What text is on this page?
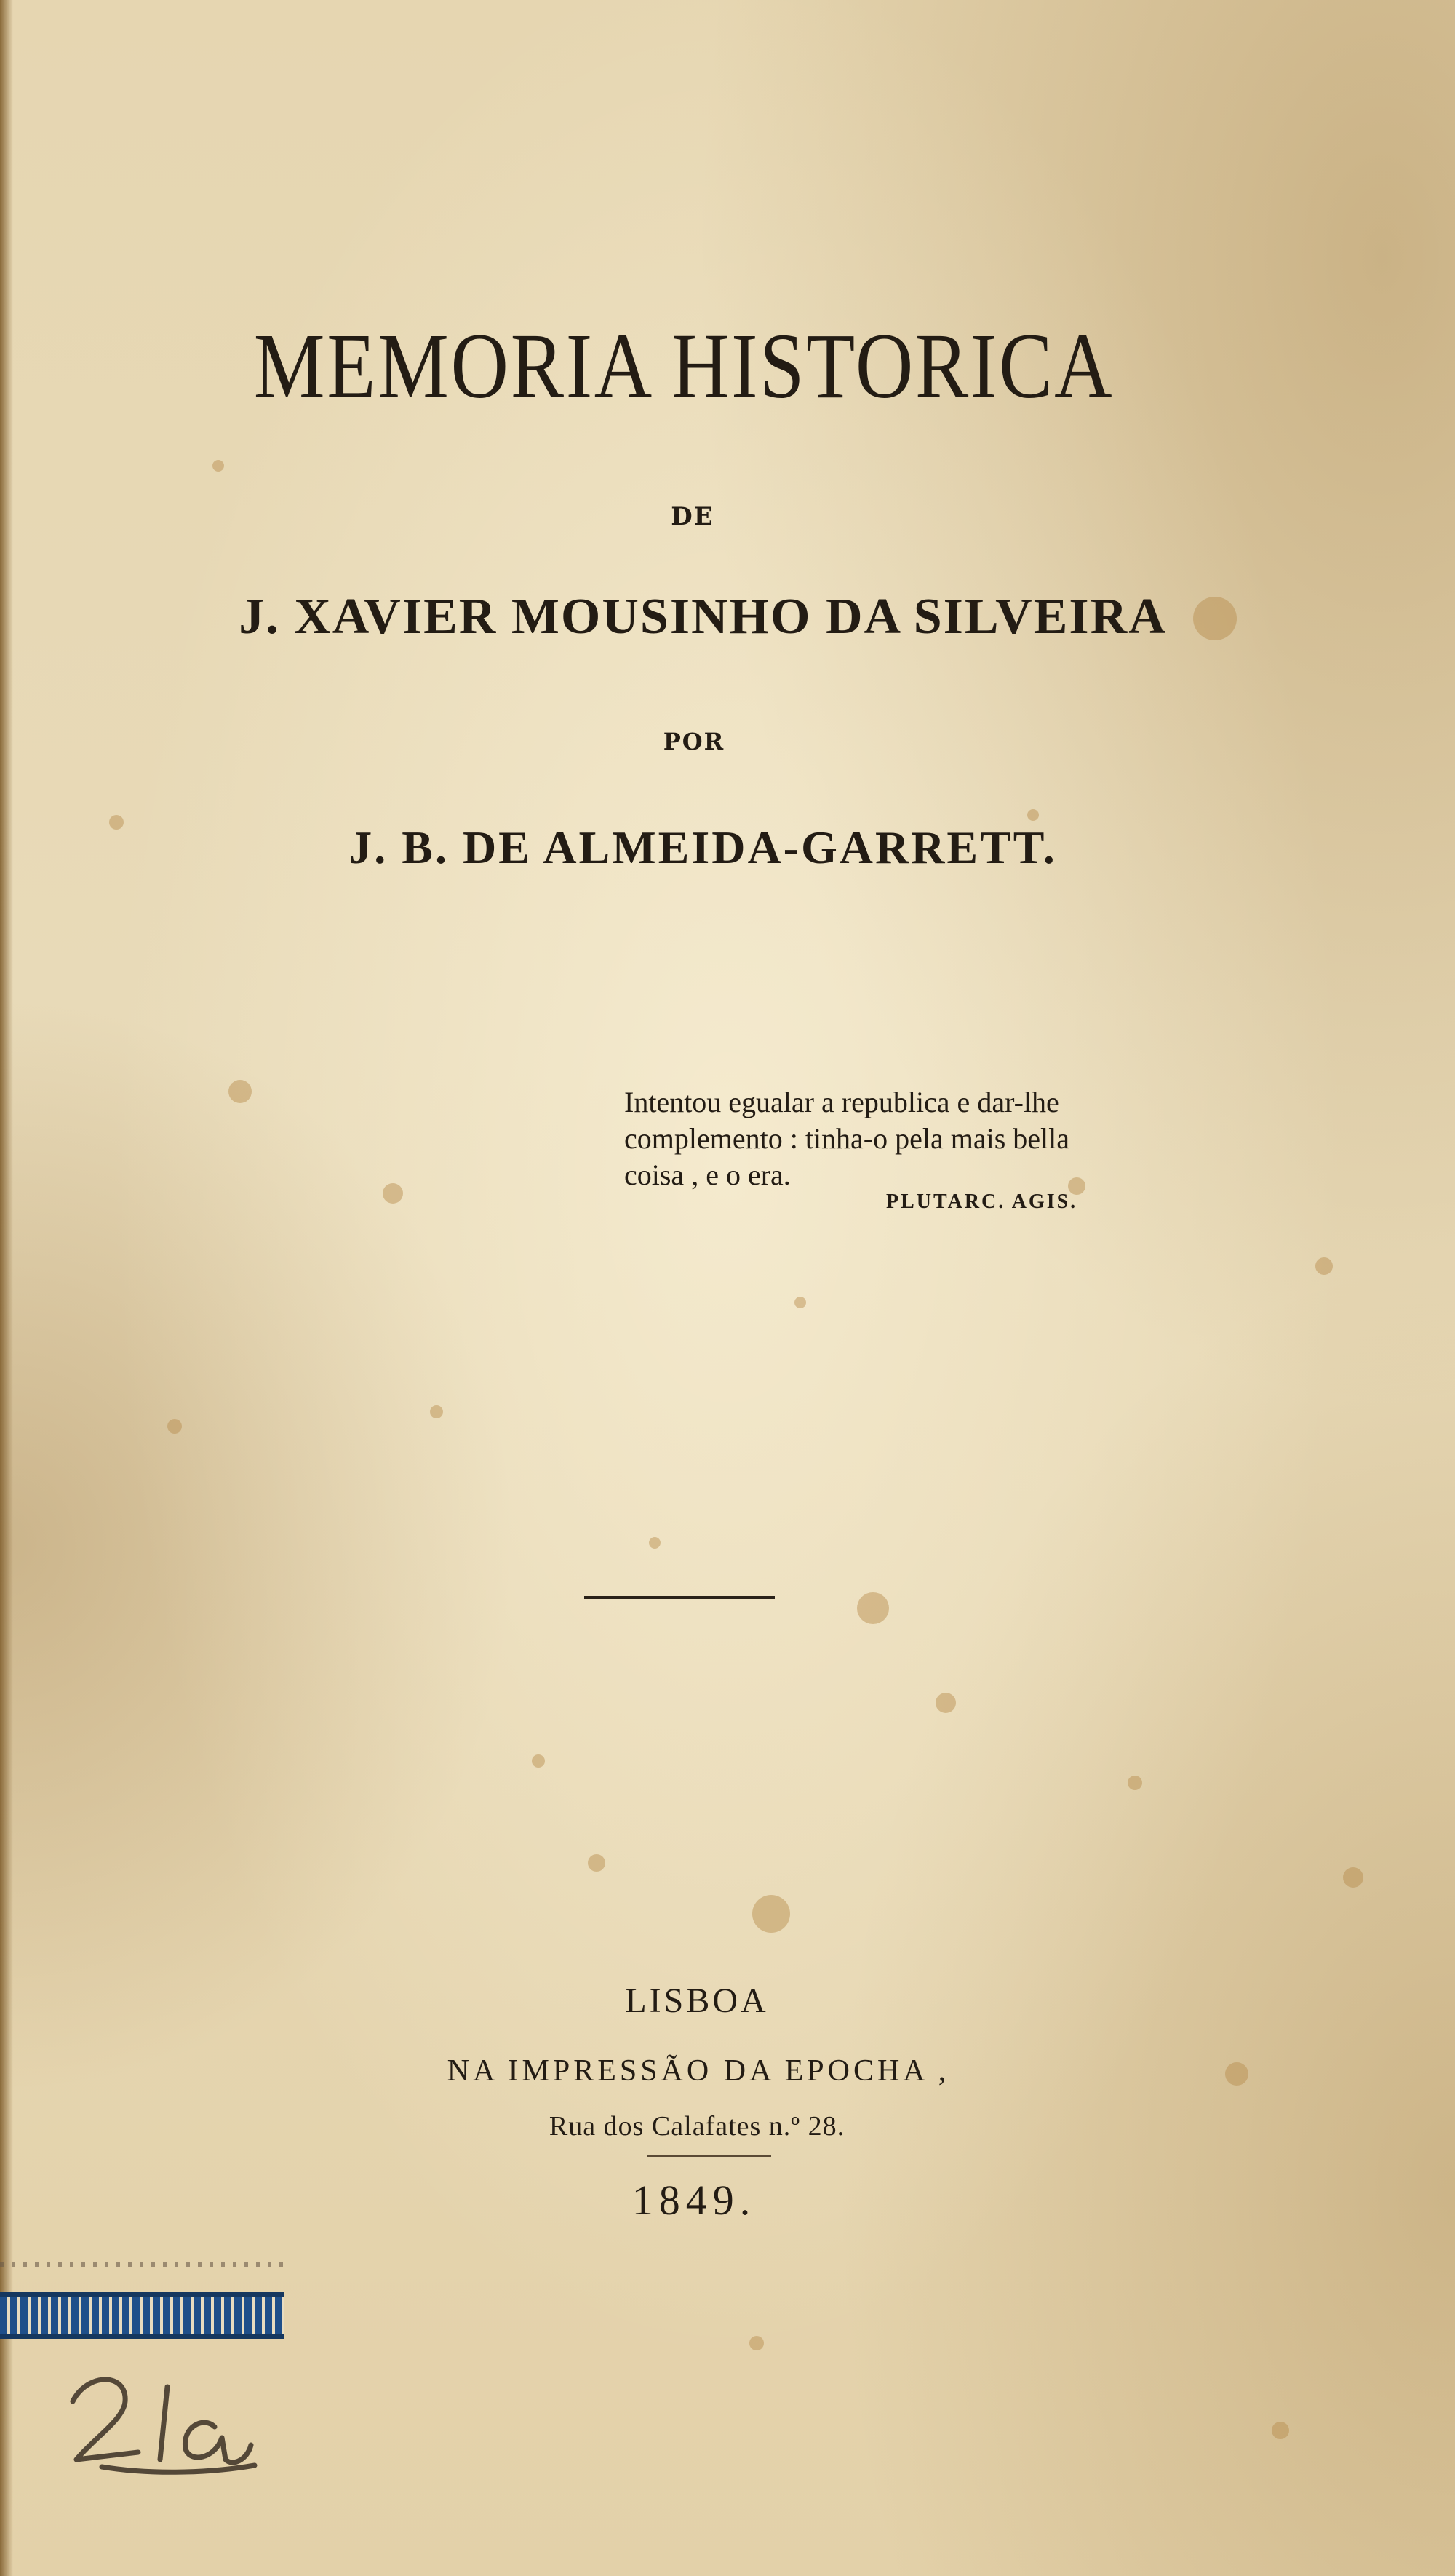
MEMORIA HISTORICA
DE
J. XAVIER MOUSINHO DA SILVEIRA
POR
J. B. DE ALMEIDA-GARRETT.
Intentou egualar a republica e dar-lhe
complemento : tinha-o pela mais bella
coisa , e o era.
PLUTARC. AGIS.
LISBOA
NA IMPRESSÃO DA EPOCHA ,
Rua dos Calafates n.º 28.
1849.
